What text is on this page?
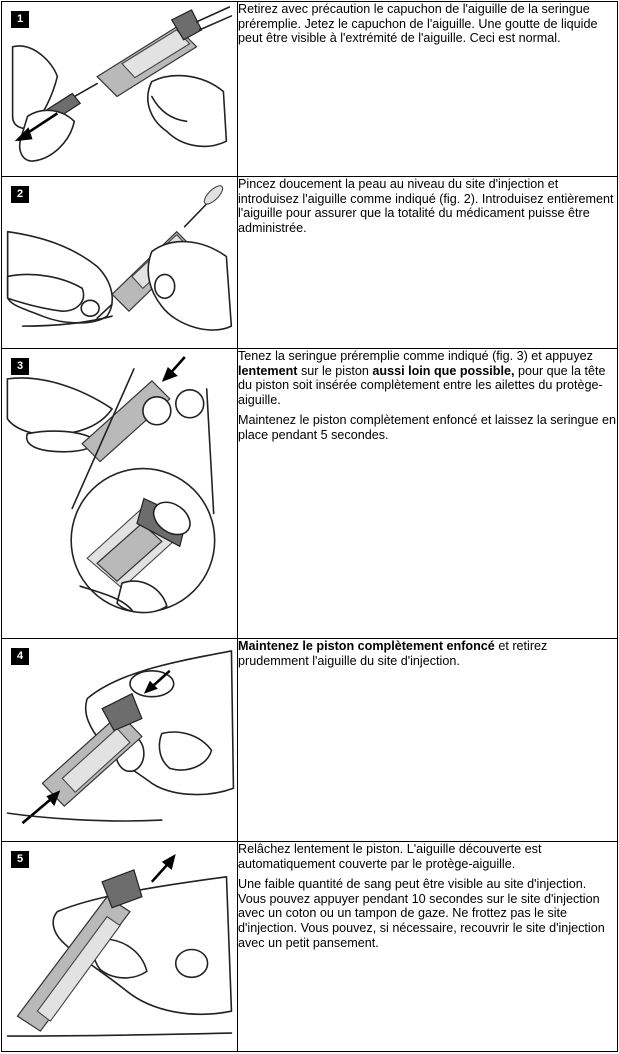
1	Retirez avec précaution le capuchon de l'aiguille de la seringue préremplie. Jetez le capuchon de l'aiguille. Une goutte de liquide peut être visible à l'extrémité de l'aiguille. Ceci est normal.

2	Pincez doucement la peau au niveau du site d'injection et introduisez l'aiguille comme indiqué (fig. 2). Introduisez entièrement l'aiguille pour assurer que la totalité du médicament puisse être administrée.

3	Tenez la seringue préremplie comme indiqué (fig. 3) et appuyez lentement sur le piston aussi loin que possible, pour que la tête du piston soit insérée complètement entre les ailettes du protège-aiguille.

Maintenez le piston complètement enfoncé et laissez la seringue en place pendant 5 secondes.

4	Maintenez le piston complètement enfoncé et retirez prudemment l'aiguille du site d'injection.

5	Relâchez lentement le piston. L'aiguille découverte est automatiquement couverte par le protège-aiguille.

Une faible quantité de sang peut être visible au site d'injection. Vous pouvez appuyer pendant 10 secondes sur le site d'injection avec un coton ou un tampon de gaze. Ne frottez pas le site d'injection. Vous pouvez, si nécessaire, recouvrir le site d'injection avec un petit pansement.
